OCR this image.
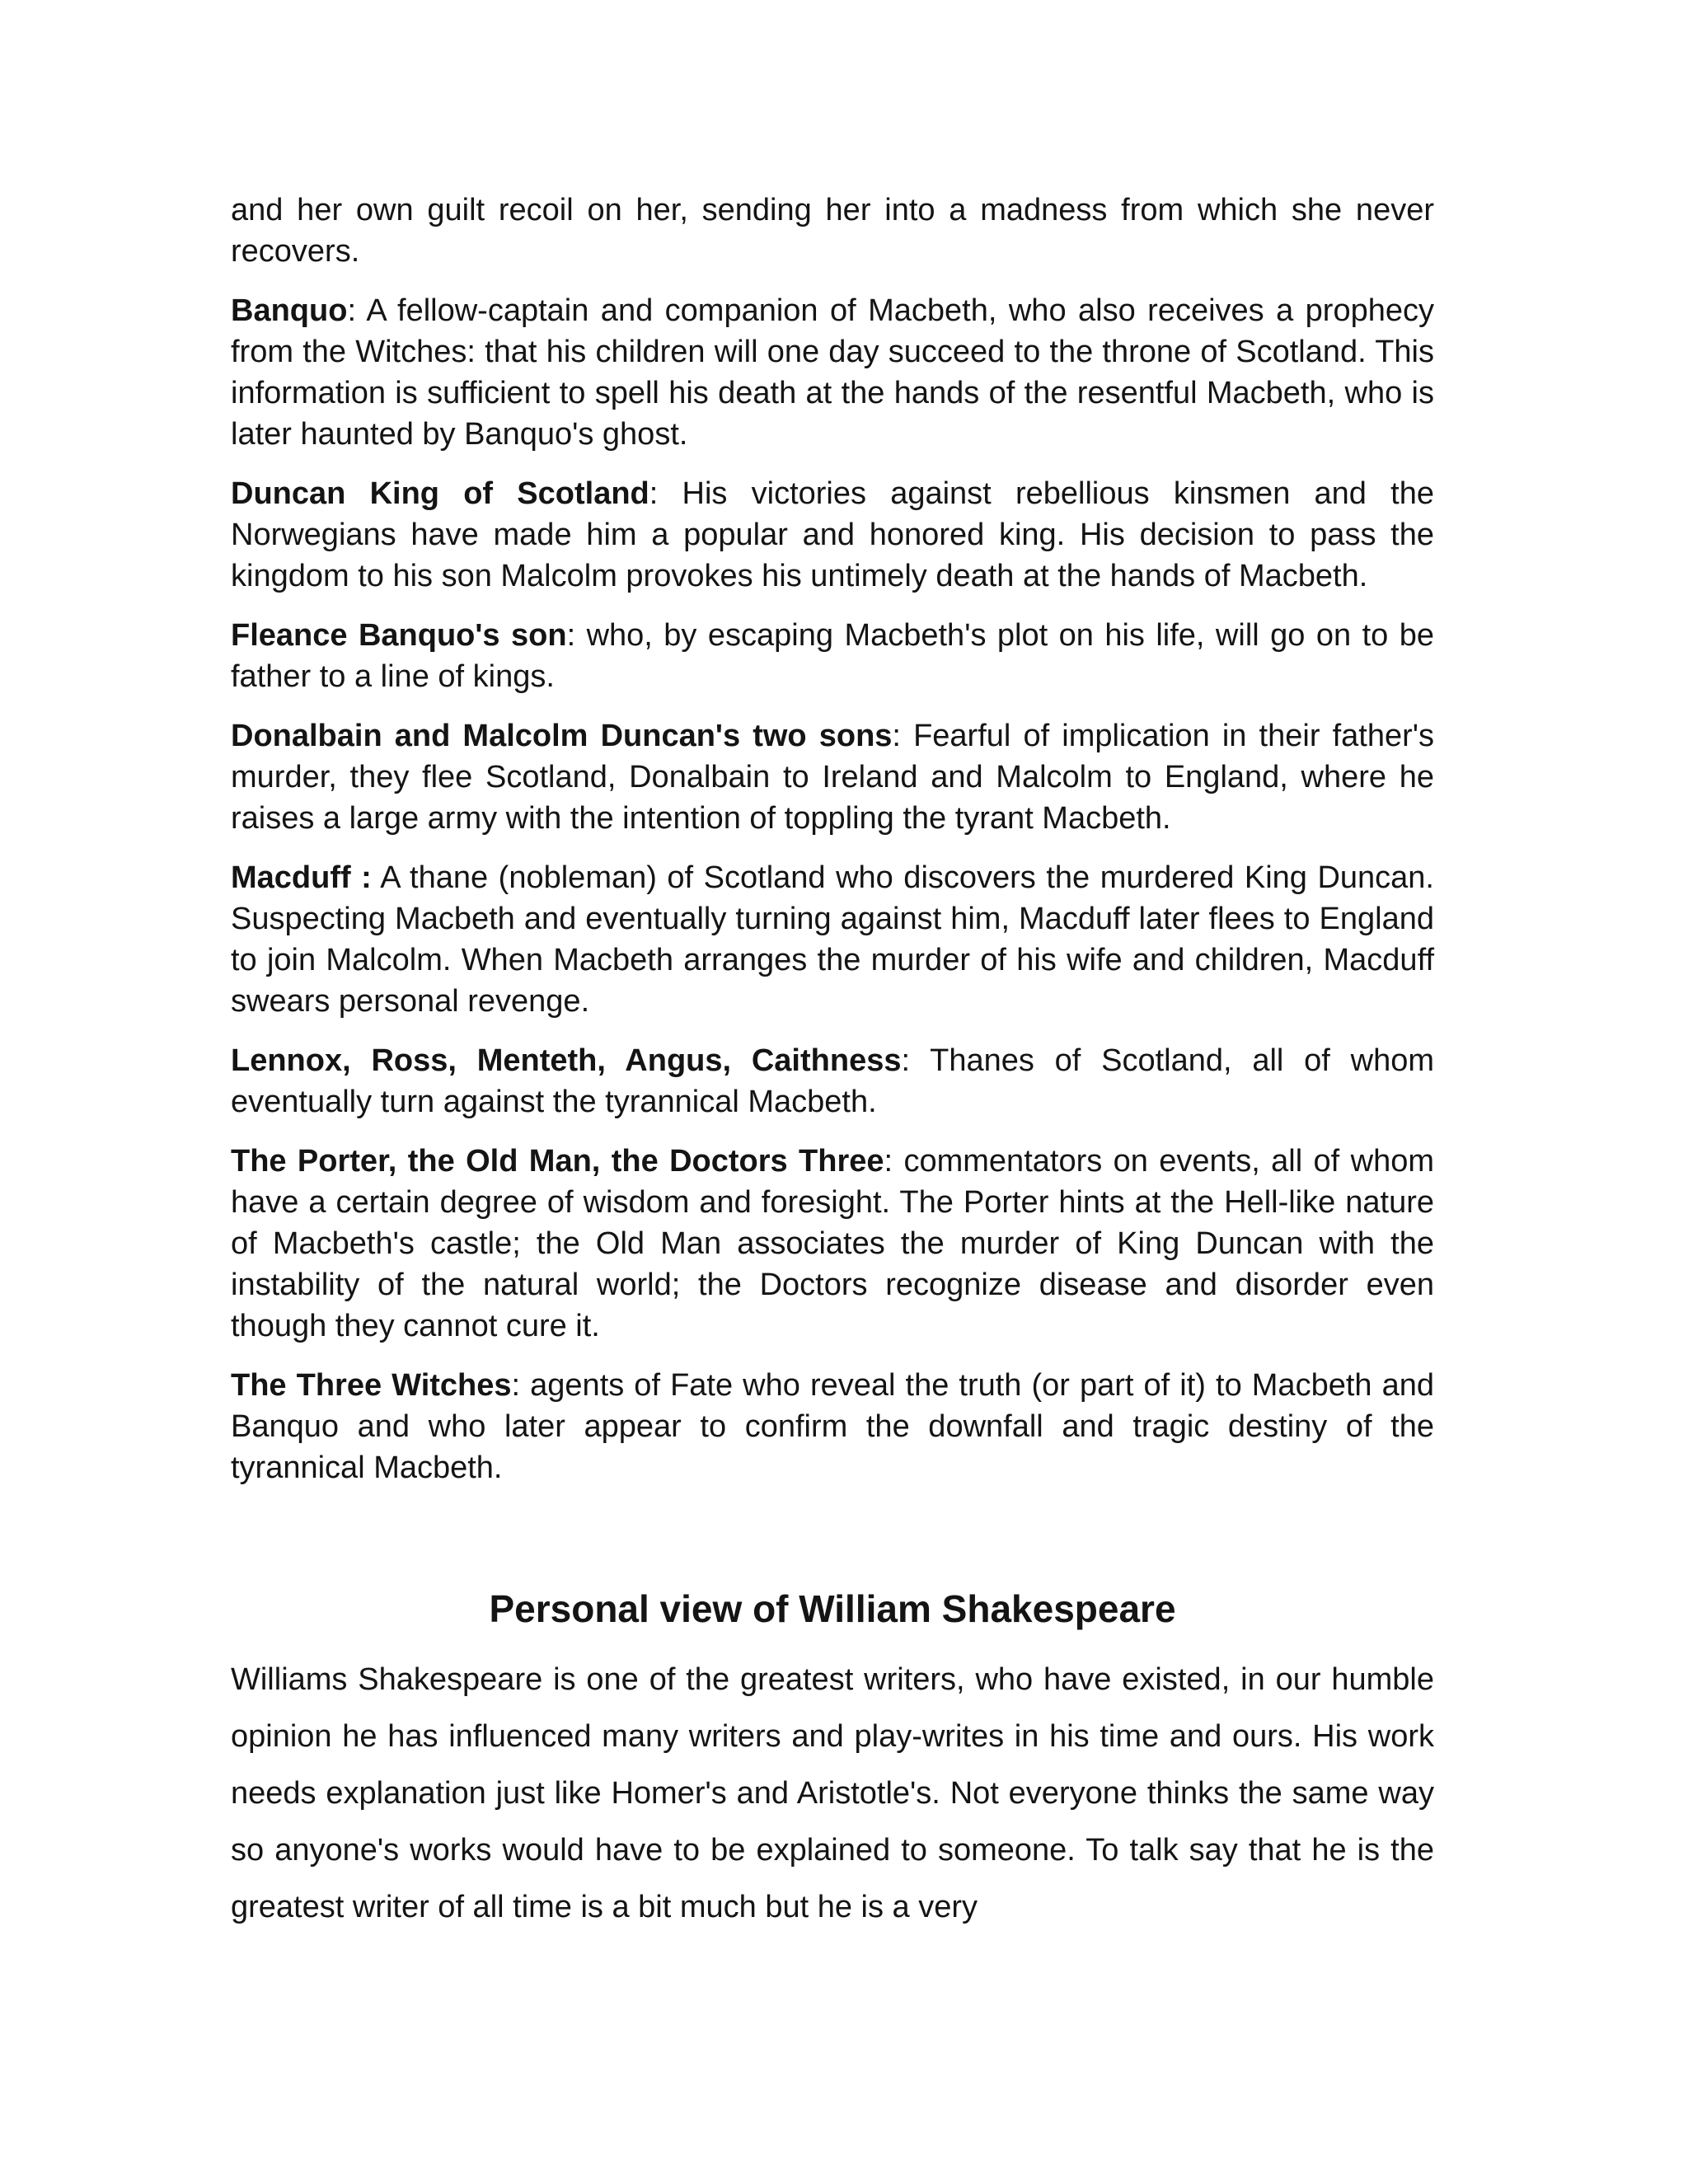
and her own guilt recoil on her, sending her into a madness from which she never recovers.

Banquo: A fellow-captain and companion of Macbeth, who also receives a prophecy from the Witches: that his children will one day succeed to the throne of Scotland. This information is sufficient to spell his death at the hands of the resentful Macbeth, who is later haunted by Banquo's ghost.

Duncan King of Scotland: His victories against rebellious kinsmen and the Norwegians have made him a popular and honored king. His decision to pass the kingdom to his son Malcolm provokes his untimely death at the hands of Macbeth.

Fleance Banquo's son: who, by escaping Macbeth's plot on his life, will go on to be father to a line of kings.

Donalbain and Malcolm Duncan's two sons: Fearful of implication in their father's murder, they flee Scotland, Donalbain to Ireland and Malcolm to England, where he raises a large army with the intention of toppling the tyrant Macbeth.

Macduff : A thane (nobleman) of Scotland who discovers the murdered King Duncan. Suspecting Macbeth and eventually turning against him, Macduff later flees to England to join Malcolm. When Macbeth arranges the murder of his wife and children, Macduff swears personal revenge.

Lennox, Ross, Menteth, Angus, Caithness: Thanes of Scotland, all of whom eventually turn against the tyrannical Macbeth.

The Porter, the Old Man, the Doctors Three: commentators on events, all of whom have a certain degree of wisdom and foresight. The Porter hints at the Hell-like nature of Macbeth's castle; the Old Man associates the murder of King Duncan with the instability of the natural world; the Doctors recognize disease and disorder even though they cannot cure it.

The Three Witches: agents of Fate who reveal the truth (or part of it) to Macbeth and Banquo and who later appear to confirm the downfall and tragic destiny of the tyrannical Macbeth.

Personal view of William Shakespeare

Williams Shakespeare is one of the greatest writers, who have existed, in our humble opinion he has influenced many writers and play-writes in his time and ours. His work needs explanation just like Homer's and Aristotle's. Not everyone thinks the same way so anyone's works would have to be explained to someone. To talk say that he is the greatest writer of all time is a bit much but he is a very
